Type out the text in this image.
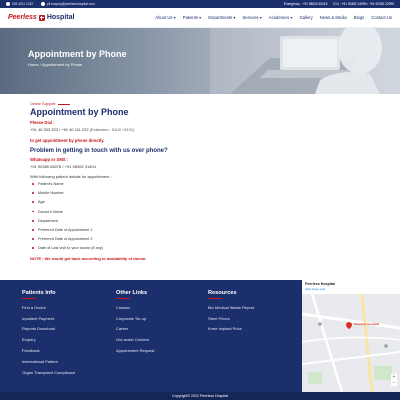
033 4011 1222	pll.enquiry@peerlesshospital.com	Emergency : +91 98830 60018 ICU : +91 90382 24999 / +91 90382 22999
Peerless Hospital	About Us ▾ Patients ▾ Departments ▾ Services ▾ Academics ▾ Gallery News & Media Blogs Contact Us
Appointment by Phone
Home / Appointment by Phone
Online Support
Appointment by Phone
Please Dial :
+91 40 333 333 / +91 40 111 222 (Extension : 5100 / 5101)
to get appointment by phone directly.
Problem in getting in touch with us over phone?
Whatsapp or SMS :
+91 90380 65078 / +91 98305 31404
With following patient details for appointment :
Patient's Name
Mobile Number
Age
Doctor's Name
Department
Preferred Date of Appointment 1
Preferred Date of Appointment 2
Date of Last visit to your doctor (if any)
NOTE : We would get back according to availability of doctor.
Patients Info
Find a Doctor
Inpatient Payment
Reports Download
Enquiry
Feedback
International Patient
Organ Transplant Compliance
Other Links
Contact
Corporate Tie-up
Career
Out-reach Centers
Appointment Request
Resources
Bio Medical Waste Report
Stent Prices
Knee Implant Price
Peerless Hospital
View larger map
Peerless Hospital
+
−
Copyright© 2022 Peerless Hospital
